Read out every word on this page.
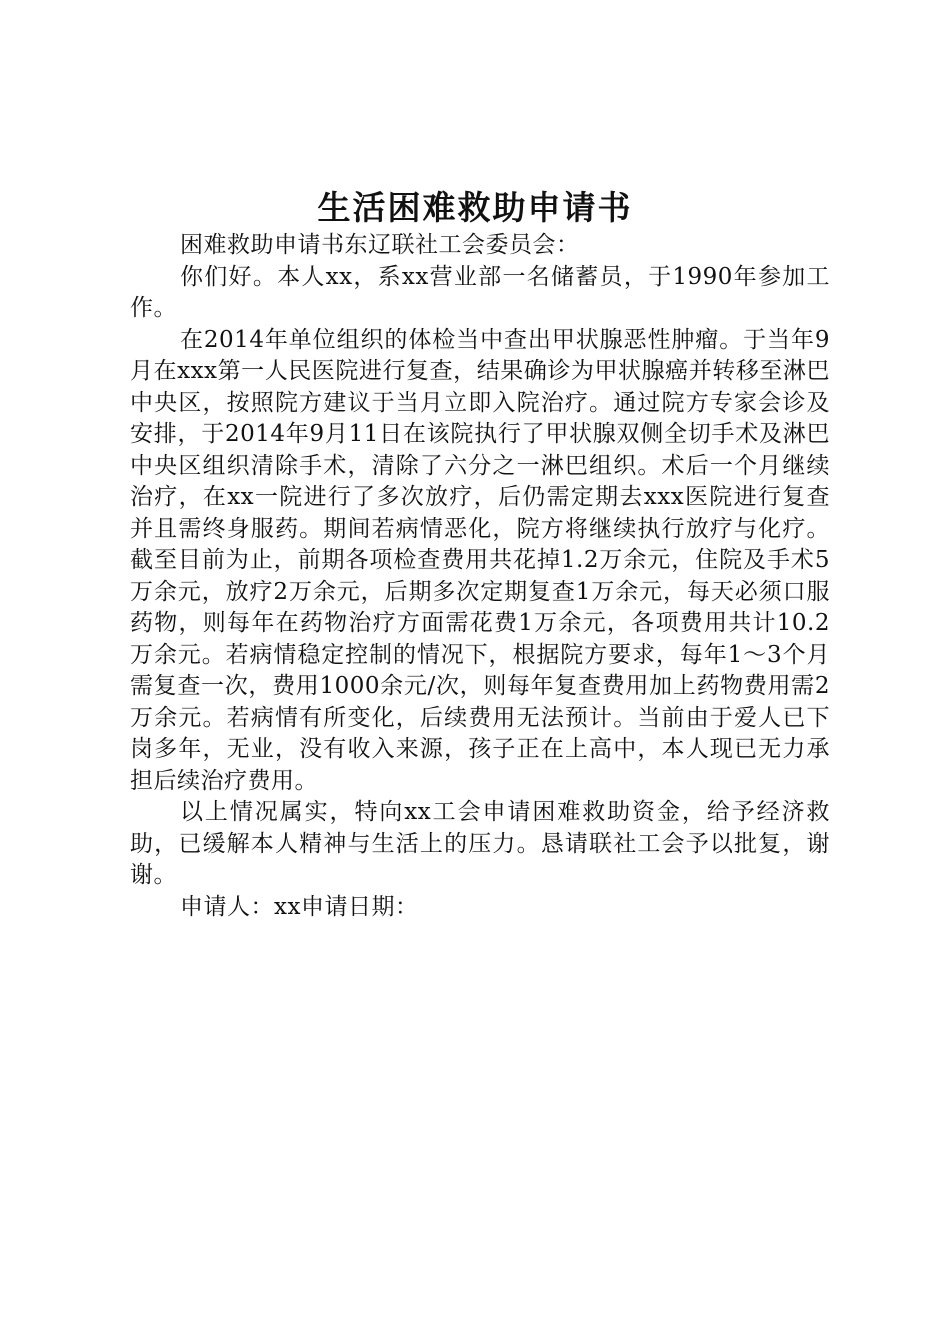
生活困难救助申请书

困难救助申请书东辽联社工会委员会：

你们好。本人xx，系xx营业部一名储蓄员，于1990年参加工作。

在2014年单位组织的体检当中查出甲状腺恶性肿瘤。于当年9月在xxx第一人民医院进行复查，结果确诊为甲状腺癌并转移至淋巴中央区，按照院方建议于当月立即入院治疗。通过院方专家会诊及安排，于2014年9月11日在该院执行了甲状腺双侧全切手术及淋巴中央区组织清除手术，清除了六分之一淋巴组织。术后一个月继续治疗，在xx一院进行了多次放疗，后仍需定期去xxx医院进行复查并且需终身服药。期间若病情恶化，院方将继续执行放疗与化疗。截至目前为止，前期各项检查费用共花掉1.2万余元，住院及手术5万余元，放疗2万余元，后期多次定期复查1万余元，每天必须口服药物，则每年在药物治疗方面需花费1万余元，各项费用共计10.2万余元。若病情稳定控制的情况下，根据院方要求，每年1～3个月需复查一次，费用1000余元/次，则每年复查费用加上药物费用需2万余元。若病情有所变化，后续费用无法预计。当前由于爱人已下岗多年，无业，没有收入来源，孩子正在上高中，本人现已无力承担后续治疗费用。

以上情况属实，特向xx工会申请困难救助资金，给予经济救助，已缓解本人精神与生活上的压力。恳请联社工会予以批复，谢谢。

申请人：xx申请日期：
